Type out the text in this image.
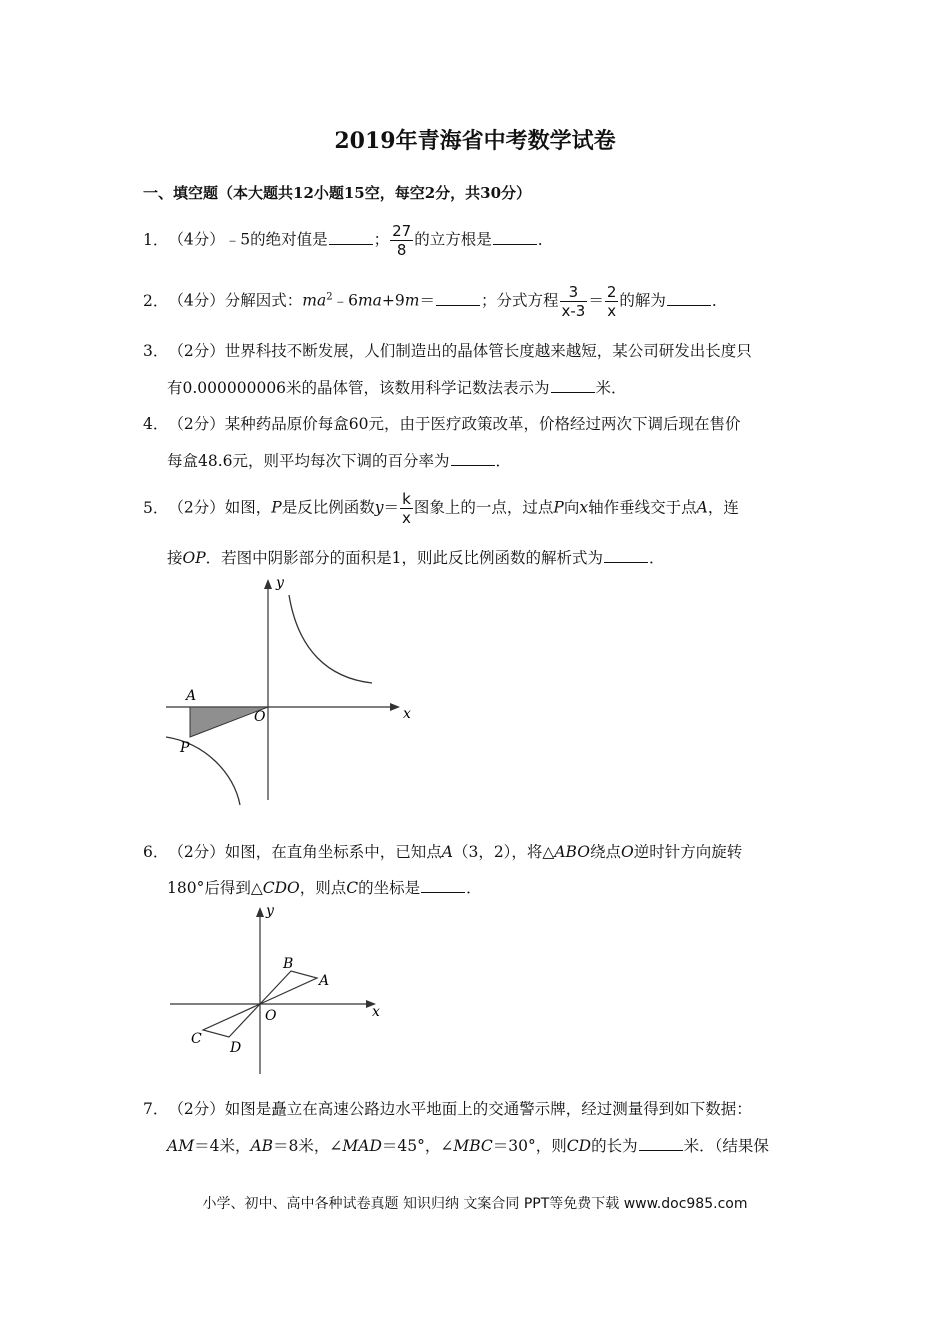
2019年青海省中考数学试卷
一、填空题（本大题共12小题15空，每空2分，共30分）
1．（4分）﹣5的绝对值是	； $\frac{27}{8}$ 的立方根是	．
2．（4分）分解因式：$ma^2﹣6ma+9m=$	；分式方程 $\frac{3}{x-3} = \frac{2}{x}$ 的解为	．
3．（2分）世界科技不断发展，人们制造出的晶体管长度越来越短，某公司研发出长度只
有0.000000006米的晶体管，该数用科学记数法表示为	米．
4．（2分）某种药品原价每盒60元，由于医疗政策改革，价格经过两次下调后现在售价
每盒48.6元，则平均每次下调的百分率为	．
5．（2分）如图，P是反比例函数$y= \frac{k}{x}$ 图象上的一点，过点P向x轴作垂线交于点A，连
接OP．若图中阴影部分的面积是1，则此反比例函数的解析式为	．
y
x
A
O
P
6．（2分）如图，在直角坐标系中，已知点A（3，2），将△ABO绕点O逆时针方向旋转
180°后得到△CDO，则点C的坐标是	．
y
x
A
B
O
C
D
7．（2分）如图是矗立在高速公路边水平地面上的交通警示牌，经过测量得到如下数据：
AM＝4米，AB＝8米，∠MAD＝45°，∠MBC＝30°，则CD的长为	米．（结果保
小学、初中、高中各种试卷真题 知识归纳 文案合同 PPT等免费下载 www.doc985.com
